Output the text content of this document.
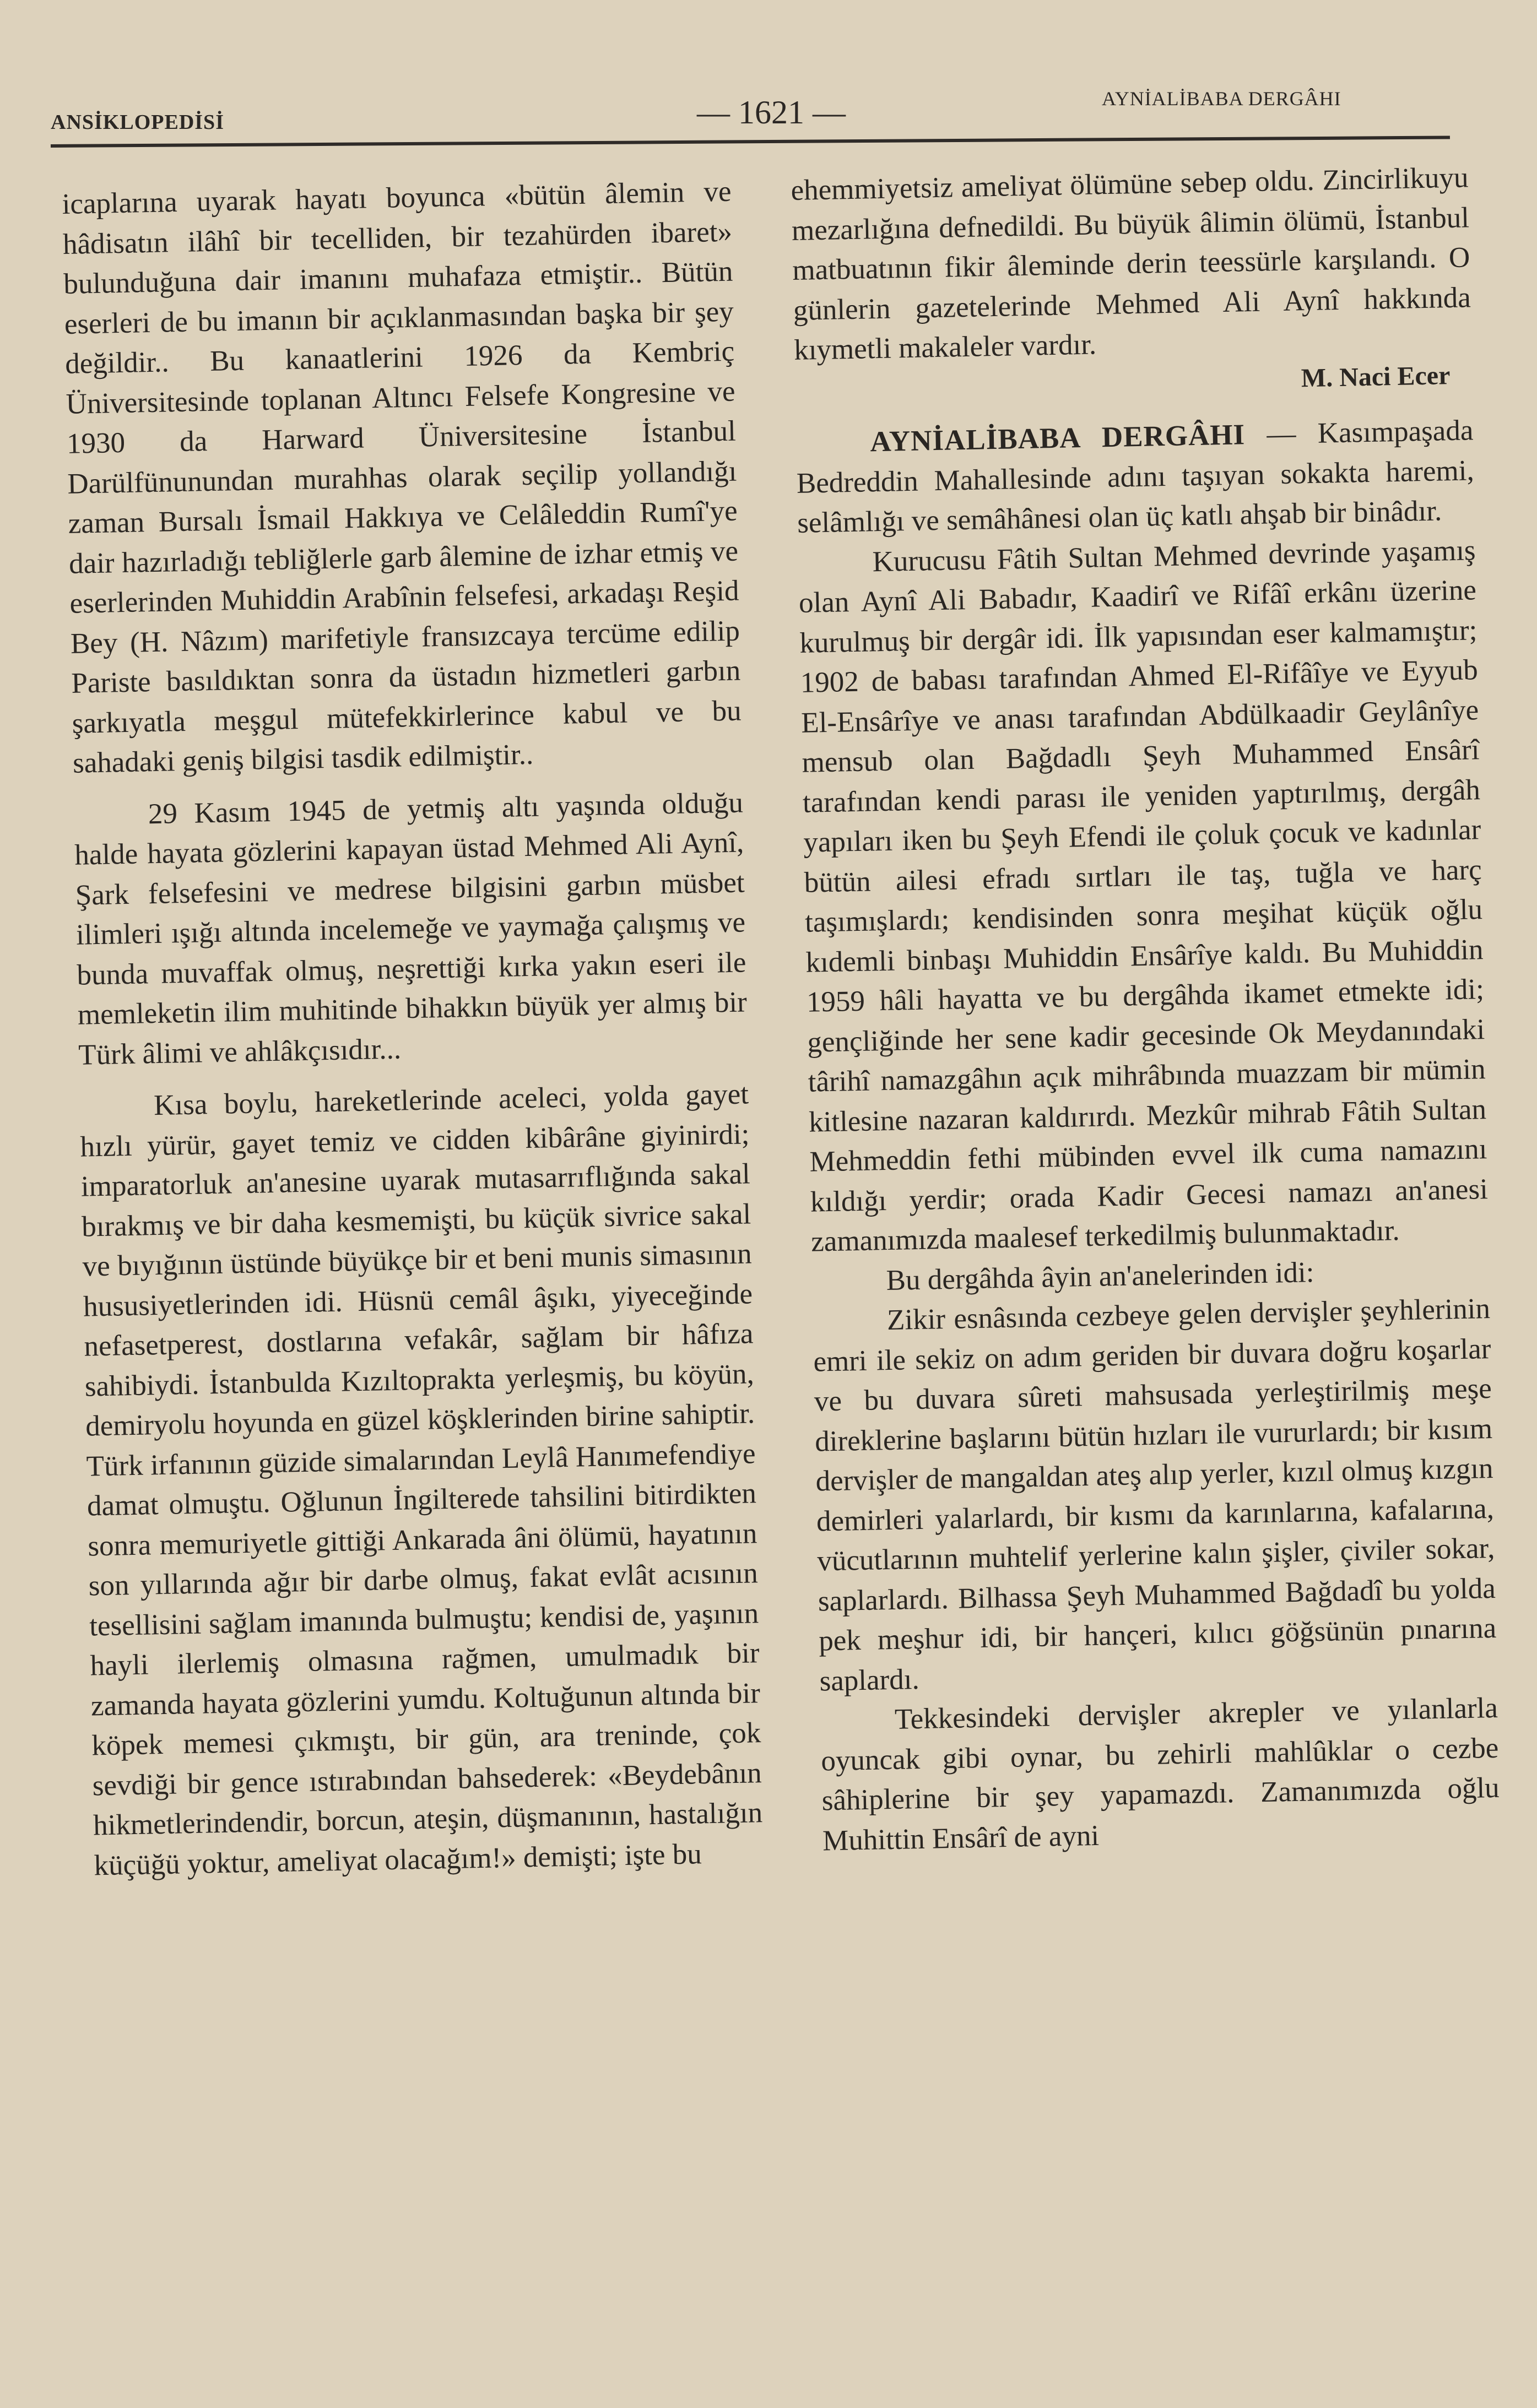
ANSİKLOPEDİSİ	— 1621 —	AYNİALİBABA DERGÂHI

icaplarına uyarak hayatı boyunca «bütün âlemin ve hâdisatın ilâhî bir tecelliden, bir tezahürden ibaret» bulunduğuna dair imanını muhafaza etmiştir.. Bütün eserleri de bu imanın bir açıklanmasından başka bir şey değildir.. Bu kanaatlerini 1926 da Kembriç Üniversitesinde toplanan Altıncı Felsefe Kongresine ve 1930 da Harward Üniversitesine İstanbul Darülfünunundan murahhas olarak seçilip yollandığı zaman Bursalı İsmail Hakkıya ve Celâleddin Rumî'ye dair hazırladığı tebliğlerle garb âlemine de izhar etmiş ve eserlerinden Muhiddin Arabînin felsefesi, arkadaşı Reşid Bey (H. Nâzım) marifetiyle fransızcaya tercüme edilip Pariste basıldıktan sonra da üstadın hizmetleri garbın şarkıyatla meşgul mütefekkirlerince kabul ve bu sahadaki geniş bilgisi tasdik edilmiştir..

29 Kasım 1945 de yetmiş altı yaşında olduğu halde hayata gözlerini kapayan üstad Mehmed Ali Aynî, Şark felsefesini ve medrese bilgisini garbın müsbet ilimleri ışığı altında incelemeğe ve yaymağa çalışmış ve bunda muvaffak olmuş, neşrettiği kırka yakın eseri ile memleketin ilim muhitinde bihakkın büyük yer almış bir Türk âlimi ve ahlâkçısıdır...

Kısa boylu, hareketlerinde aceleci, yolda gayet hızlı yürür, gayet temiz ve cidden kibârâne giyinirdi; imparatorluk an'anesine uyarak mutasarrıflığında sakal bırakmış ve bir daha kesmemişti, bu küçük sivrice sakal ve bıyığının üstünde büyükçe bir et beni munis simasının hususiyetlerinden idi. Hüsnü cemâl âşıkı, yiyeceğinde nefasetperest, dostlarına vefakâr, sağlam bir hâfıza sahibiydi. İstanbulda Kızıltoprakta yerleşmiş, bu köyün, demiryolu hoyunda en güzel köşklerinden birine sahiptir. Türk irfanının güzide simalarından Leylâ Hanımefendiye damat olmuştu. Oğlunun İngilterede tahsilini bitirdikten sonra memuriyetle gittiği Ankarada âni ölümü, hayatının son yıllarında ağır bir darbe olmuş, fakat evlât acısının tesellisini sağlam imanında bulmuştu; kendisi de, yaşının hayli ilerlemiş olmasına rağmen, umulmadık bir zamanda hayata gözlerini yumdu. Koltuğunun altında bir köpek memesi çıkmıştı, bir gün, ara treninde, çok sevdiği bir gence ıstırabından bahsederek: «Beydebânın hikmetlerindendir, borcun, ateşin, düşmanının, hastalığın küçüğü yoktur, ameliyat olacağım!» demişti; işte bu

ehemmiyetsiz ameliyat ölümüne sebep oldu. Zincirlikuyu mezarlığına defnedildi. Bu büyük âlimin ölümü, İstanbul matbuatının fikir âleminde derin teessürle karşılandı. O günlerin gazetelerinde Mehmed Ali Aynî hakkında kıymetli makaleler vardır.

M. Naci Ecer

AYNİALİBABA DERGÂHI — Kasımpaşada Bedreddin Mahallesinde adını taşıyan sokakta haremi, selâmlığı ve semâhânesi olan üç katlı ahşab bir binâdır.

Kurucusu Fâtih Sultan Mehmed devrinde yaşamış olan Aynî Ali Babadır, Kaadirî ve Rifâî erkânı üzerine kurulmuş bir dergâr idi. İlk yapısından eser kalmamıştır; 1902 de babası tarafından Ahmed El-Rifâîye ve Eyyub El-Ensârîye ve anası tarafından Abdülkaadir Geylânîye mensub olan Bağdadlı Şeyh Muhammed Ensârî tarafından kendi parası ile yeniden yaptırılmış, dergâh yapıları iken bu Şeyh Efendi ile çoluk çocuk ve kadınlar bütün ailesi efradı sırtları ile taş, tuğla ve harç taşımışlardı; kendisinden sonra meşihat küçük oğlu kıdemli binbaşı Muhiddin Ensârîye kaldı. Bu Muhiddin 1959 hâli hayatta ve bu dergâhda ikamet etmekte idi; gençliğinde her sene kadir gecesinde Ok Meydanındaki târihî namazgâhın açık mihrâbında muazzam bir mümin kitlesine nazaran kaldırırdı. Mezkûr mihrab Fâtih Sultan Mehmeddin fethi mübinden evvel ilk cuma namazını kıldığı yerdir; orada Kadir Gecesi namazı an'anesi zamanımızda maalesef terkedilmiş bulunmaktadır.

Bu dergâhda âyin an'anelerinden idi:

Zikir esnâsında cezbeye gelen dervişler şeyhlerinin emri ile sekiz on adım geriden bir duvara doğru koşarlar ve bu duvara sûreti mahsusada yerleştirilmiş meşe direklerine başlarını bütün hızları ile vururlardı; bir kısım dervişler de mangaldan ateş alıp yerler, kızıl olmuş kızgın demirleri yalarlardı, bir kısmı da karınlarına, kafalarına, vücutlarının muhtelif yerlerine kalın şişler, çiviler sokar, saplarlardı. Bilhassa Şeyh Muhammed Bağdadî bu yolda pek meşhur idi, bir hançeri, kılıcı göğsünün pınarına saplardı.

Tekkesindeki dervişler akrepler ve yılanlarla oyuncak gibi oynar, bu zehirli mahlûklar o cezbe sâhiplerine bir şey yapamazdı. Zamanımızda oğlu Muhittin Ensârî de ayni
